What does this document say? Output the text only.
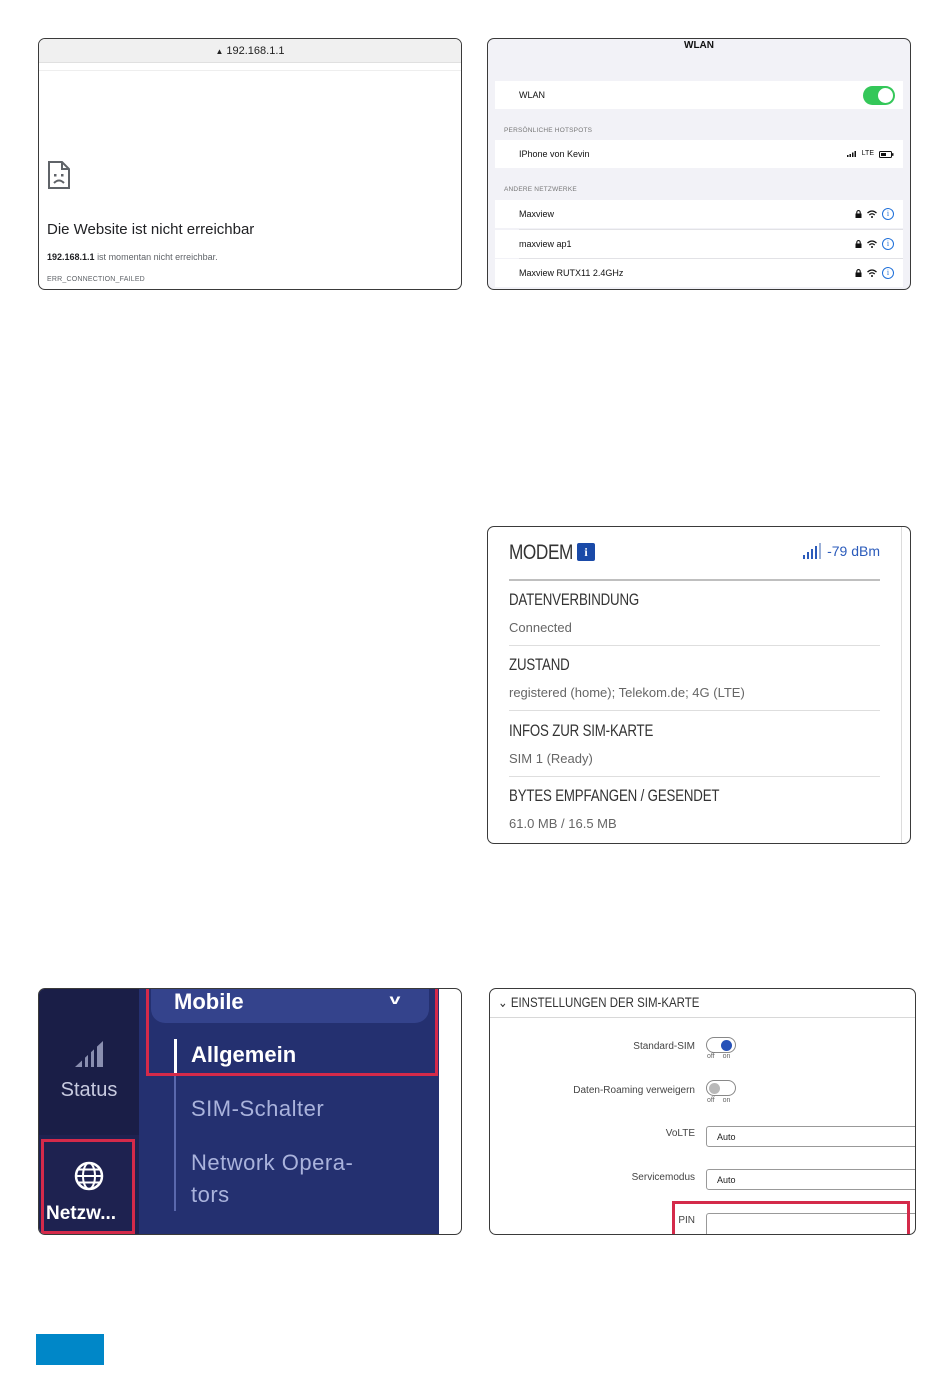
▲ 192.168.1.1
Die Website ist nicht erreichbar
192.168.1.1 ist momentan nicht erreichbar.
ERR_CONNECTION_FAILED
WLAN
WLAN
PERSÖNLICHE HOTSPOTS
IPhone von Kevin	LTE
ANDERE NETZWERKE
Maxview	i
maxview ap1	i
Maxview RUTX11 2.4GHz	i
MODEM i	-79 dBm
DATENVERBINDUNG
Connected
ZUSTAND
registered (home); Telekom.de; 4G (LTE)
INFOS ZUR SIM-KARTE
SIM 1 (Ready)
BYTES EMPFANGEN / GESENDET
61.0 MB / 16.5 MB
Status
Netzw...
Mobile	v
Allgemein
SIM-Schalter
Network Opera-
tors
⌄ EINSTELLUNGEN DER SIM-KARTE
Standard-SIM
off on
Daten-Roaming verweigern
off on
VoLTE	Auto
Servicemodus	Auto
PIN
